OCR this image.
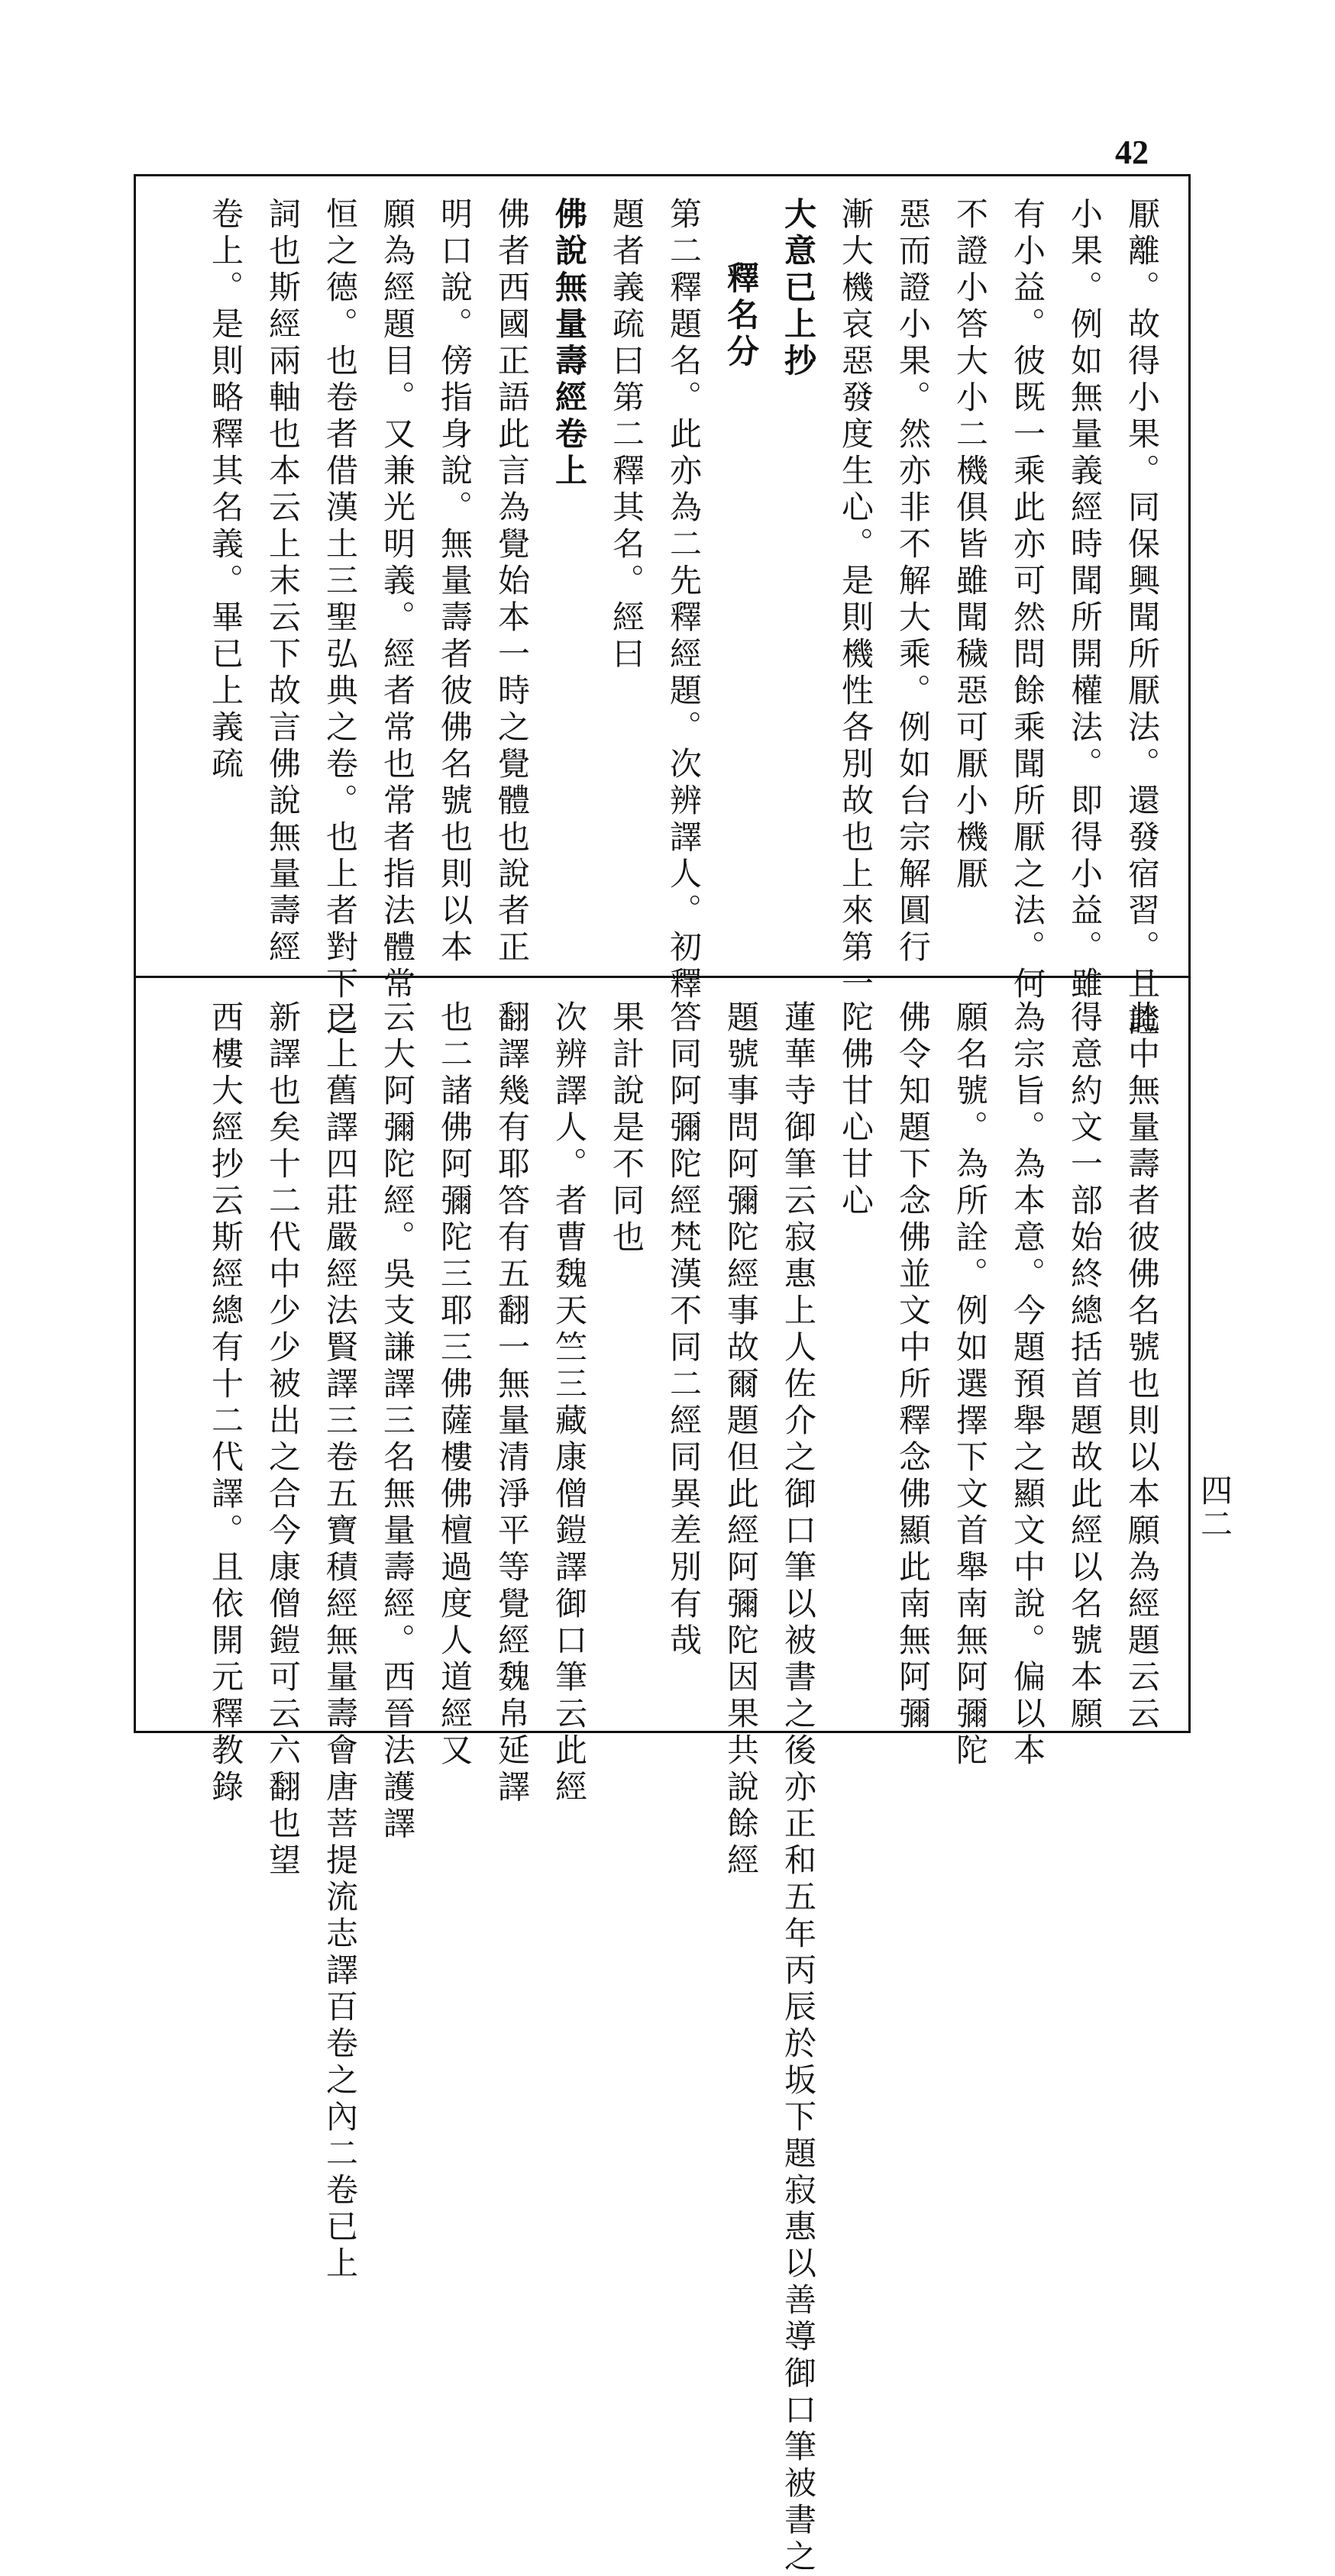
42
四二
厭離。故得小果。同保興聞所厭法。還發宿習。且證
小果。例如無量義經時聞所開權法。即得小益。雖
有小益。彼既一乘此亦可然問餘乘聞所厭之法。何
不證小答大小二機俱皆雖聞穢惡可厭小機厭
惡而證小果。然亦非不解大乘。例如台宗解圓行
漸大機哀惡發度生心。是則機性各別故也上來第一
大意已上抄
釋名分
第二釋題名。此亦為二先釋經題。次辨譯人。初釋
題者義疏曰第二釋其名。經曰
佛說無量壽經卷上
佛者西國正語此言為覺始本一時之覺體也說者正
明口說。傍指身說。無量壽者彼佛名號也則以本
願為經題目。又兼光明義。經者常也常者指法體常
恒之德。也卷者借漢土三聖弘典之卷。也上者對下之
詞也斯經兩軸也本云上末云下故言佛說無量壽經
卷上。是則略釋其名義。畢已上義疏
此中無量壽者彼佛名號也則以本願為經題云云
得意約文一部始終總括首題故此經以名號本願
為宗旨。為本意。今題預舉之顯文中說。偏以本
願名號。為所詮。例如選擇下文首舉南無阿彌陀
佛令知題下念佛並文中所釋念佛顯此南無阿彌
陀佛甘心甘心
蓮華寺御筆云寂惠上人佐介之御口筆以被書之後亦正和五年丙辰於坂下題寂惠以善導御口筆被書之
題號事問阿彌陀經事故爾題但此經阿彌陀因果共說餘經
答同阿彌陀經梵漢不同二經同異差別有哉
果計說是不同也
次辨譯人。者曹魏天竺三藏康僧鎧譯御口筆云此經
翻譯幾有耶答有五翻一無量清淨平等覺經魏帛延譯
也二諸佛阿彌陀三耶三佛薩樓佛檀過度人道經又
云大阿彌陀經。吳支謙譯三名無量壽經。西晉法護譯
已上舊譯四莊嚴經法賢譯三卷五寶積經無量壽會唐菩提流志譯百卷之內二卷已上
新譯也矣十二代中少少被出之合今康僧鎧可云六翻也望
西樓大經抄云斯經總有十二代譯。且依開元釋教錄
